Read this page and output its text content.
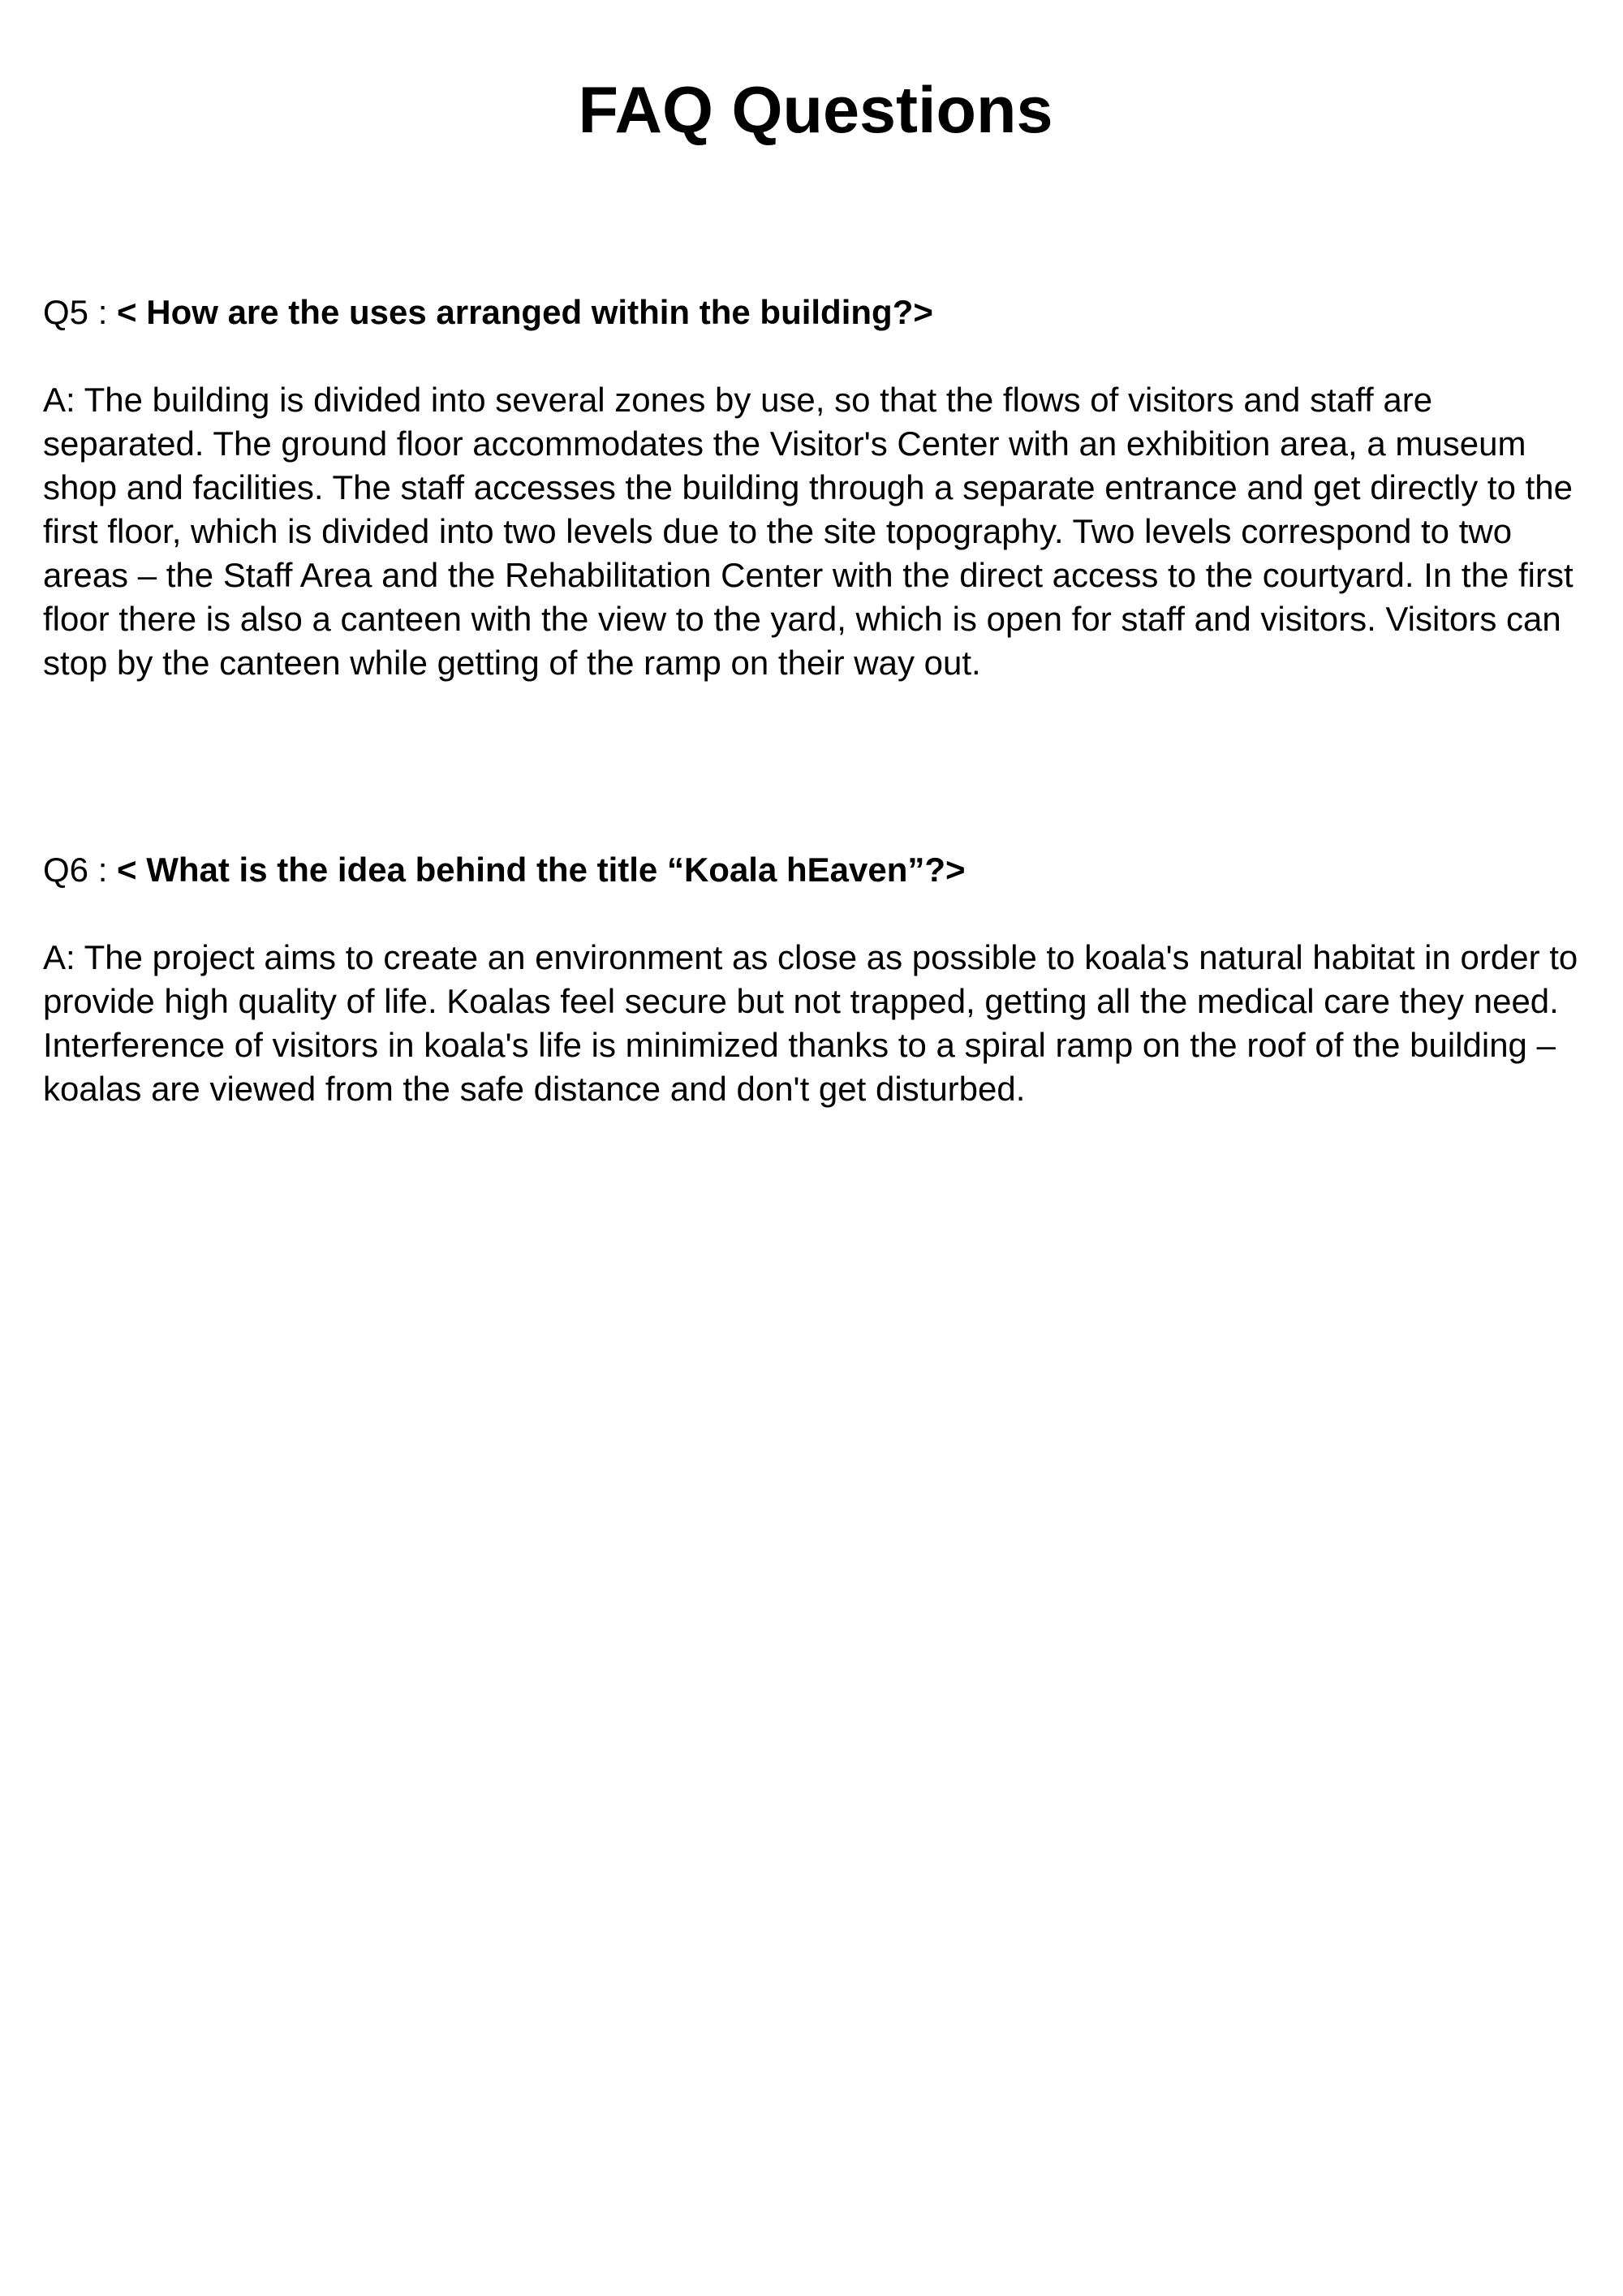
FAQ Questions

Q5 : < How are the uses arranged within the building?>

A: The building is divided into several zones by use, so that the flows of visitors and staff are separated. The ground floor accommodates the Visitor's Center with an exhibition area, a museum shop and facilities. The staff accesses the building through a separate entrance and get directly to the first floor, which is divided into two levels due to the site topography. Two levels correspond to two areas – the Staff Area and the Rehabilitation Center with the direct access to the courtyard. In the first floor there is also a canteen with the view to the yard, which is open for staff and visitors. Visitors can stop by the canteen while getting of the ramp on their way out.

Q6 : < What is the idea behind the title “Koala hEaven”?>

A: The project aims to create an environment as close as possible to koala's natural habitat in order to provide high quality of life. Koalas feel secure but not trapped, getting all the medical care they need. Interference of visitors in koala's life is minimized thanks to a spiral ramp on the roof of the building – koalas are viewed from the safe distance and don't get disturbed.
